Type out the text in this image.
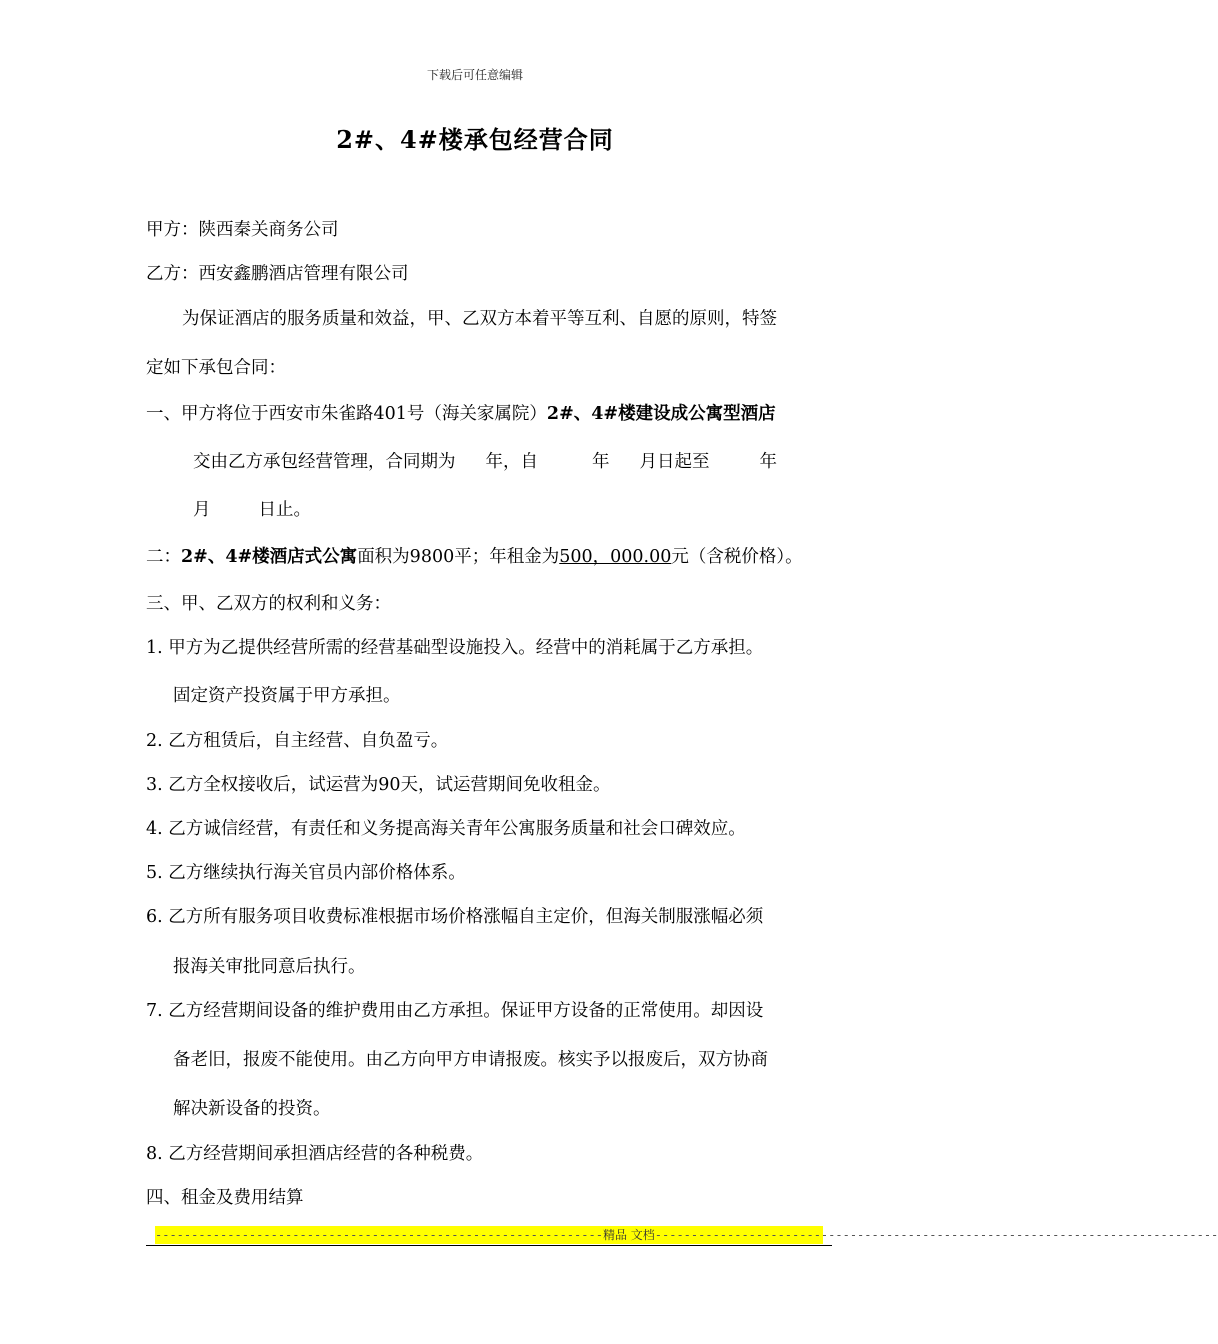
下载后可任意编辑
2#、4#楼承包经营合同
甲方：陕西秦关商务公司
乙方：西安鑫鹏酒店管理有限公司
为保证酒店的服务质量和效益，甲、乙双方本着平等互利、自愿的原则，特签
定如下承包合同：
一、甲方将位于西安市朱雀路401号（海关家属院）2#、4#楼建设成公寓型酒店
交由乙方承包经营管理，合同期为 年，自	年 月日起至	年
月	日止。
二：2#、4#楼酒店式公寓面积为9800平；年租金为500，000.00元（含税价格）。
三、甲、乙双方的权利和义务：
1. 甲方为乙提供经营所需的经营基础型设施投入。经营中的消耗属于乙方承担。
固定资产投资属于甲方承担。
2. 乙方租赁后，自主经营、自负盈亏。
3. 乙方全权接收后，试运营为90天，试运营期间免收租金。
4. 乙方诚信经营，有责任和义务提高海关青年公寓服务质量和社会口碑效应。
5. 乙方继续执行海关官员内部价格体系。
6. 乙方所有服务项目收费标准根据市场价格涨幅自主定价，但海关制服涨幅必须
报海关审批同意后执行。
7. 乙方经营期间设备的维护费用由乙方承担。保证甲方设备的正常使用。却因设
备老旧，报废不能使用。由乙方向甲方申请报废。核实予以报废后，双方协商
解决新设备的投资。
8. 乙方经营期间承担酒店经营的各种税费。
四、租金及费用结算
--------------------------------------------------------------精品 文档------------------------------------------------------------------------------
